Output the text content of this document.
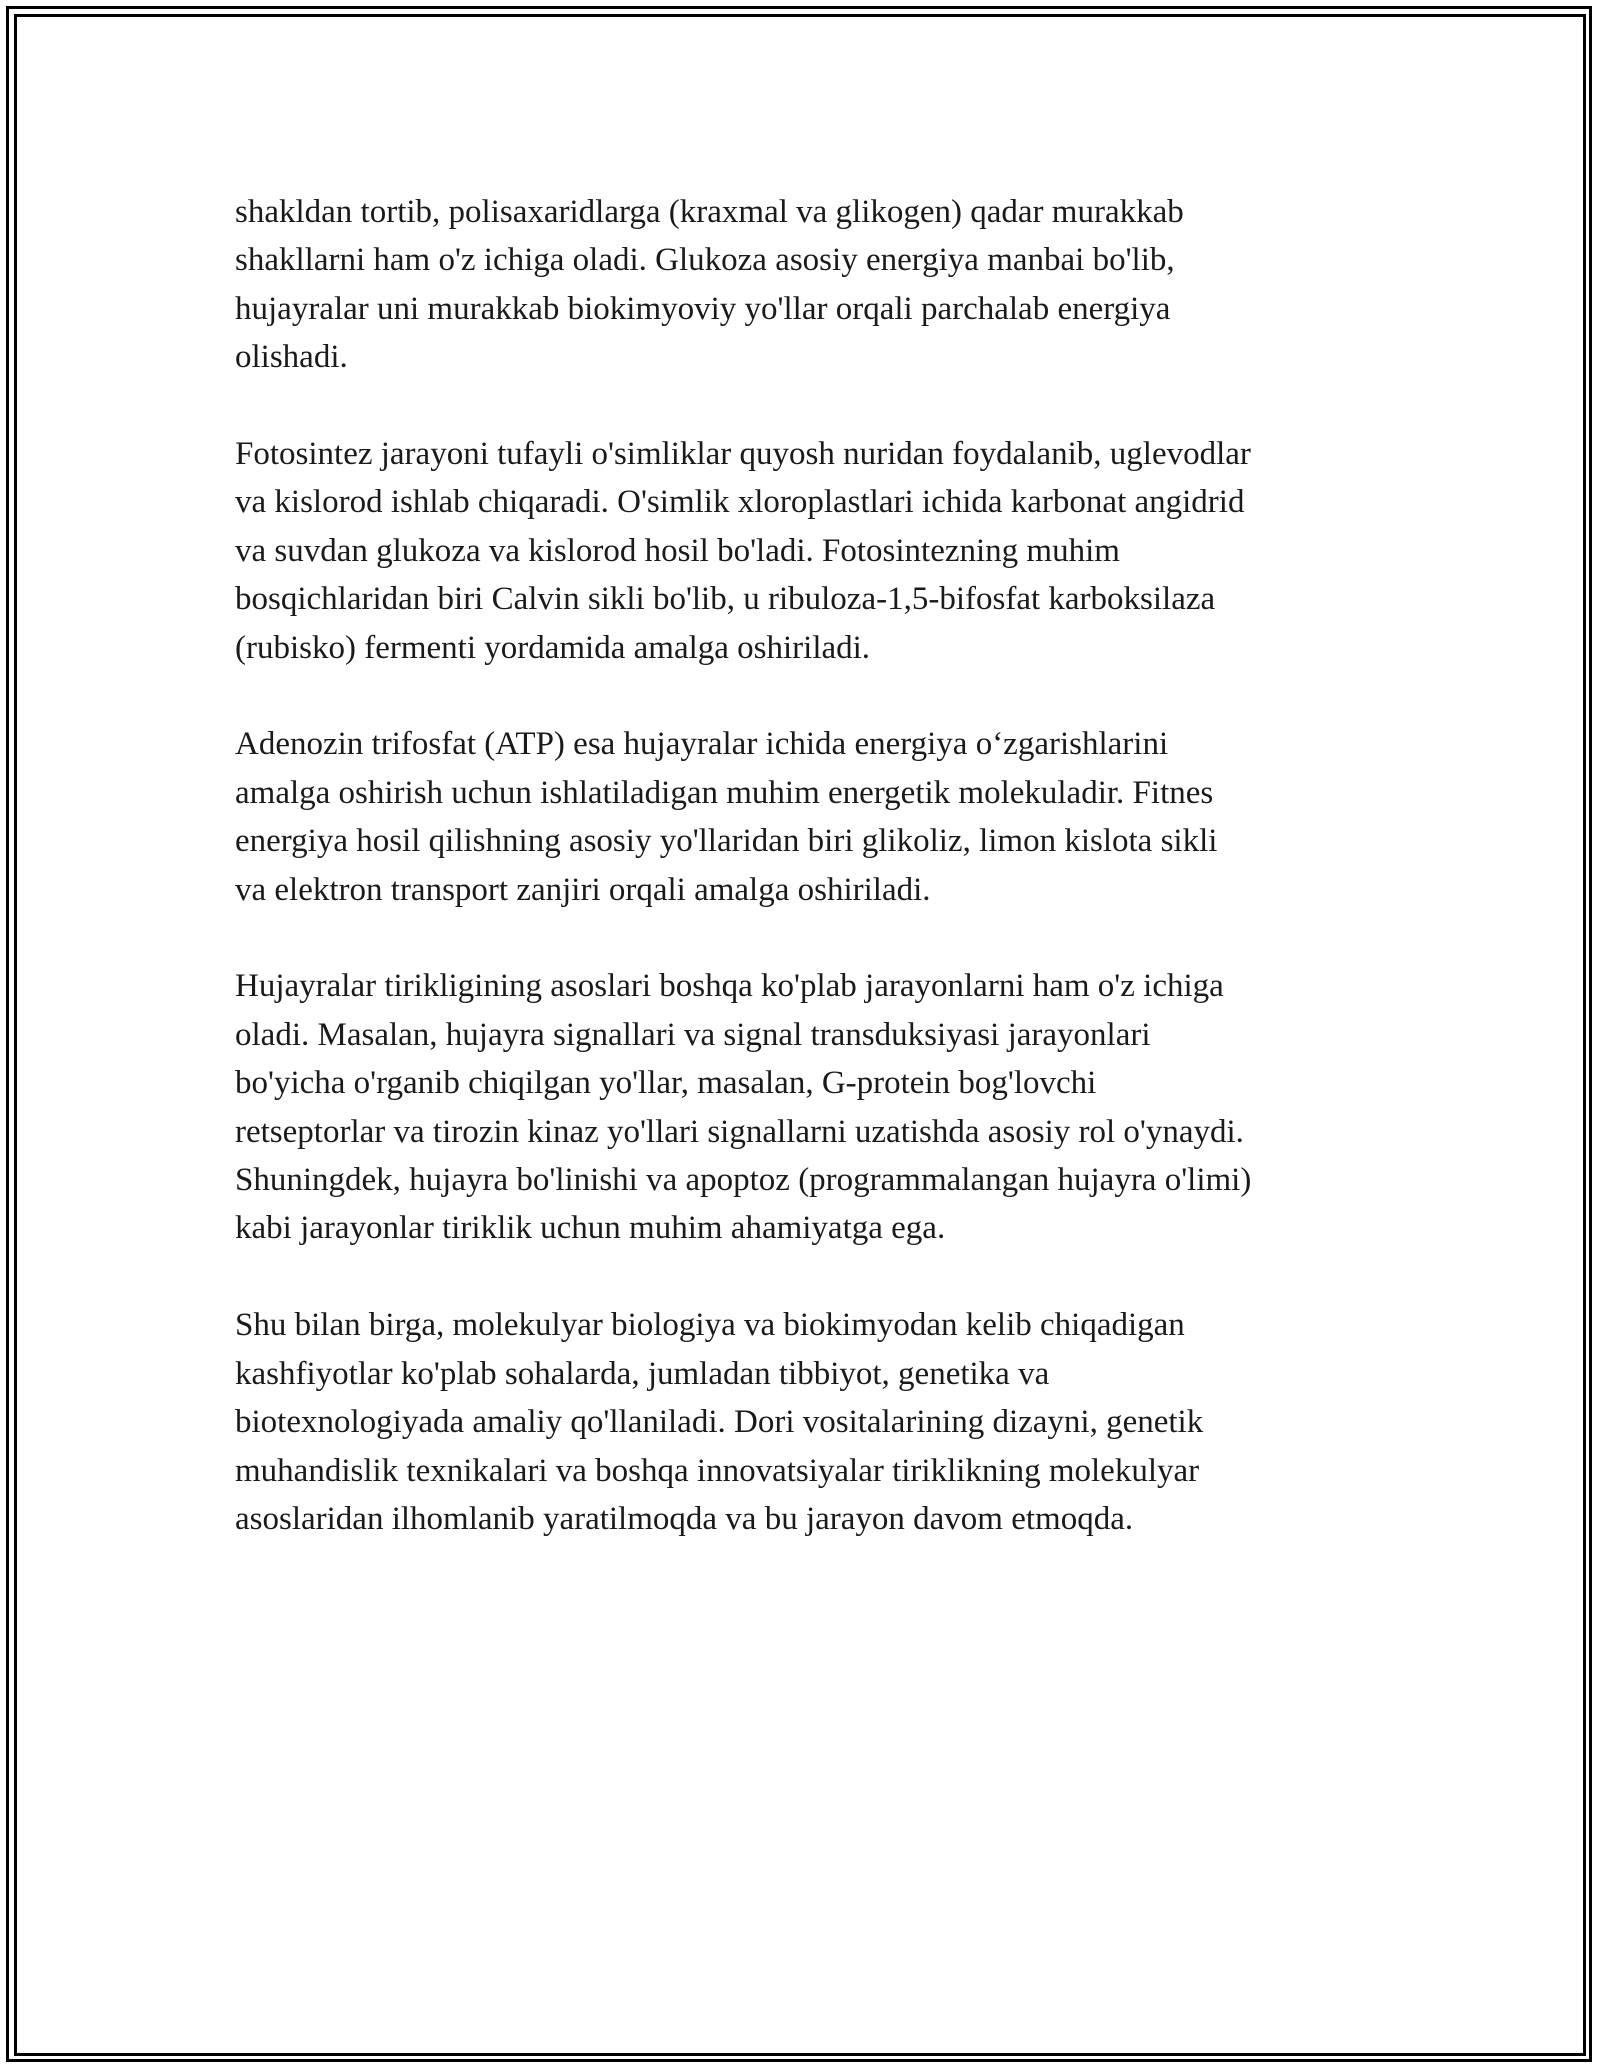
shakldan tortib, polisaxaridlarga (kraxmal va glikogen) qadar murakkab
shakllarni ham o'z ichiga oladi. Glukoza asosiy energiya manbai bo'lib,
hujayralar uni murakkab biokimyoviy yo'llar orqali parchalab energiya
olishadi.

Fotosintez jarayoni tufayli o'simliklar quyosh nuridan foydalanib, uglevodlar
va kislorod ishlab chiqaradi. O'simlik xloroplastlari ichida karbonat angidrid
va suvdan glukoza va kislorod hosil bo'ladi. Fotosintezning muhim
bosqichlaridan biri Calvin sikli bo'lib, u ribuloza-1,5-bifosfat karboksilaza
(rubisko) fermenti yordamida amalga oshiriladi.

Adenozin trifosfat (ATP) esa hujayralar ichida energiya o‘zgarishlarini
amalga oshirish uchun ishlatiladigan muhim energetik molekuladir. Fitnes
energiya hosil qilishning asosiy yo'llaridan biri glikoliz, limon kislota sikli
va elektron transport zanjiri orqali amalga oshiriladi.

Hujayralar tirikligining asoslari boshqa ko'plab jarayonlarni ham o'z ichiga
oladi. Masalan, hujayra signallari va signal transduksiyasi jarayonlari
bo'yicha o'rganib chiqilgan yo'llar, masalan, G-protein bog'lovchi
retseptorlar va tirozin kinaz yo'llari signallarni uzatishda asosiy rol o'ynaydi.
Shuningdek, hujayra bo'linishi va apoptoz (programmalangan hujayra o'limi)
kabi jarayonlar tiriklik uchun muhim ahamiyatga ega.

Shu bilan birga, molekulyar biologiya va biokimyodan kelib chiqadigan
kashfiyotlar ko'plab sohalarda, jumladan tibbiyot, genetika va
biotexnologiyada amaliy qo'llaniladi. Dori vositalarining dizayni, genetik
muhandislik texnikalari va boshqa innovatsiyalar tiriklikning molekulyar
asoslaridan ilhomlanib yaratilmoqda va bu jarayon davom etmoqda.
